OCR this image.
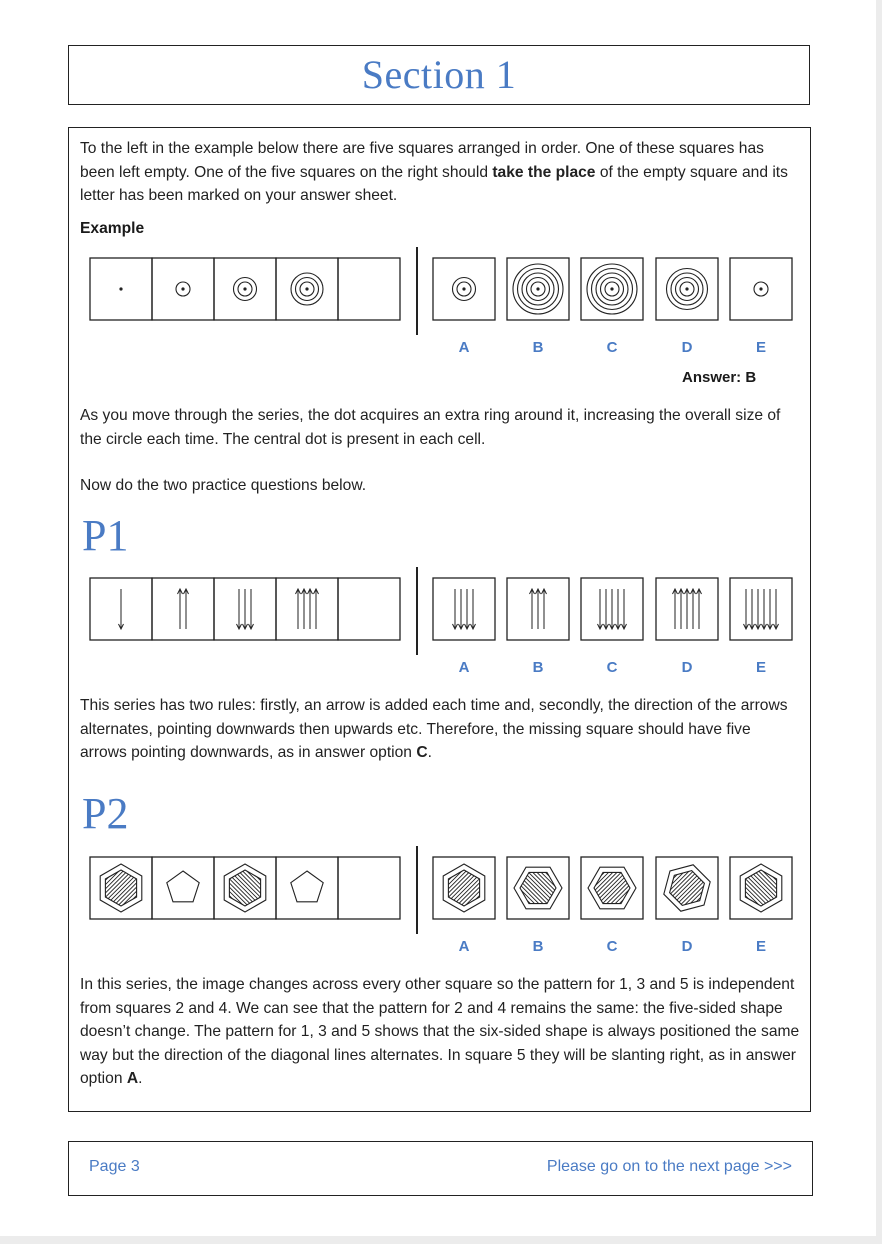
Section 1

To the left in the example below there are five squares arranged in order. One of these squares has been left empty. One of the five squares on the right should take the place of the empty square and its letter has been marked on your answer sheet.

Example
A	B	C	D	E
Answer: B

As you move through the series, the dot acquires an extra ring around it, increasing the overall size of the circle each time. The central dot is present in each cell.

Now do the two practice questions below.

P1
A	B	C	D	E

This series has two rules: firstly, an arrow is added each time and, secondly, the direction of the arrows alternates, pointing downwards then upwards etc. Therefore, the missing square should have five arrows pointing downwards, as in answer option C.

P2
A	B	C	D	E

In this series, the image changes across every other square so the pattern for 1, 3 and 5 is independent from squares 2 and 4. We can see that the pattern for 2 and 4 remains the same: the five-sided shape doesn’t change. The pattern for 1, 3 and 5 shows that the six-sided shape is always positioned the same way but the direction of the diagonal lines alternates. In square 5 they will be slanting right, as in answer option A.

Page 3	Please go on to the next page >>>
